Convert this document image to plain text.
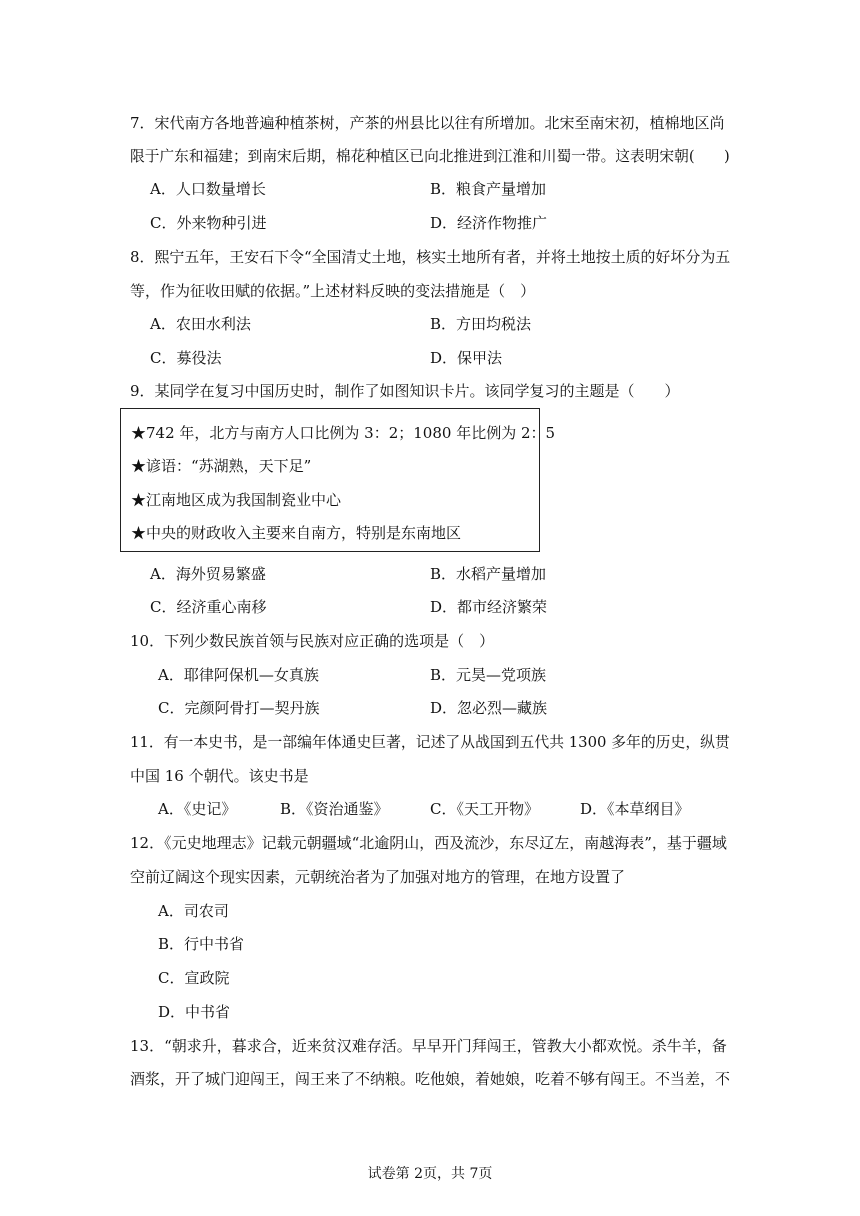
7．宋代南方各地普遍种植茶树，产茶的州县比以往有所增加。北宋至南宋初，植棉地区尚
限于广东和福建；到南宋后期，棉花种植区已向北推进到江淮和川蜀一带。这表明宋朝(　　)
A．人口数量增长	B．粮食产量增加
C．外来物种引进	D．经济作物推广
8．熙宁五年，王安石下令“全国清丈土地，核实土地所有者，并将土地按土质的好坏分为五
等，作为征收田赋的依据。”上述材料反映的变法措施是（　）
A．农田水利法	B．方田均税法
C．募役法	D．保甲法
9．某同学在复习中国历史时，制作了如图知识卡片。该同学复习的主题是（　　）
★742 年，北方与南方人口比例为 3：2；1080 年比例为 2：5
★谚语：“苏湖熟，天下足”
★江南地区成为我国制瓷业中心
★中央的财政收入主要来自南方，特别是东南地区
A．海外贸易繁盛	B．水稻产量增加
C．经济重心南移	D．都市经济繁荣
10．下列少数民族首领与民族对应正确的选项是（　）
A．耶律阿保机—女真族	B．元昊—党项族
C．完颜阿骨打—契丹族	D．忽必烈—藏族
11．有一本史书，是一部编年体通史巨著，记述了从战国到五代共 1300 多年的历史，纵贯
中国 16 个朝代。该史书是
A．《史记》	B．《资治通鉴》	C．《天工开物》	D．《本草纲目》
12．《元史地理志》记载元朝疆域“北逾阴山，西及流沙，东尽辽左，南越海表”，基于疆域
空前辽阔这个现实因素，元朝统治者为了加强对地方的管理，在地方设置了
A．司农司
B．行中书省
C．宣政院
D．中书省
13．“朝求升，暮求合，近来贫汉难存活。早早开门拜闯王，管教大小都欢悦。杀牛羊，备
酒浆，开了城门迎闯王，闯王来了不纳粮。吃他娘，着她娘，吃着不够有闯王。不当差，不
试卷第 2页，共 7页
